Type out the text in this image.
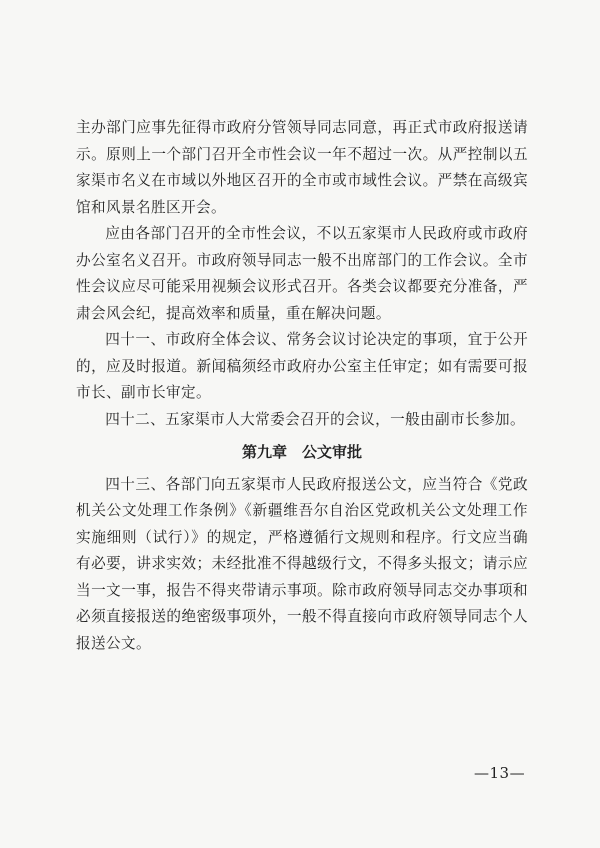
主办部门应事先征得市政府分管领导同志同意，再正式市政府报送请示。原则上一个部门召开全市性会议一年不超过一次。从严控制以五家渠市名义在市域以外地区召开的全市或市域性会议。严禁在高级宾馆和风景名胜区开会。

应由各部门召开的全市性会议，不以五家渠市人民政府或市政府办公室名义召开。市政府领导同志一般不出席部门的工作会议。全市性会议应尽可能采用视频会议形式召开。各类会议都要充分准备，严肃会风会纪，提高效率和质量，重在解决问题。

四十一、市政府全体会议、常务会议讨论决定的事项，宜于公开的，应及时报道。新闻稿须经市政府办公室主任审定；如有需要可报市长、副市长审定。

四十二、五家渠市人大常委会召开的会议，一般由副市长参加。

第九章　公文审批

四十三、各部门向五家渠市人民政府报送公文，应当符合《党政机关公文处理工作条例》《新疆维吾尔自治区党政机关公文处理工作实施细则（试行）》的规定，严格遵循行文规则和程序。行文应当确有必要，讲求实效；未经批准不得越级行文，不得多头报文；请示应当一文一事，报告不得夹带请示事项。除市政府领导同志交办事项和必须直接报送的绝密级事项外，一般不得直接向市政府领导同志个人报送公文。

—13—
